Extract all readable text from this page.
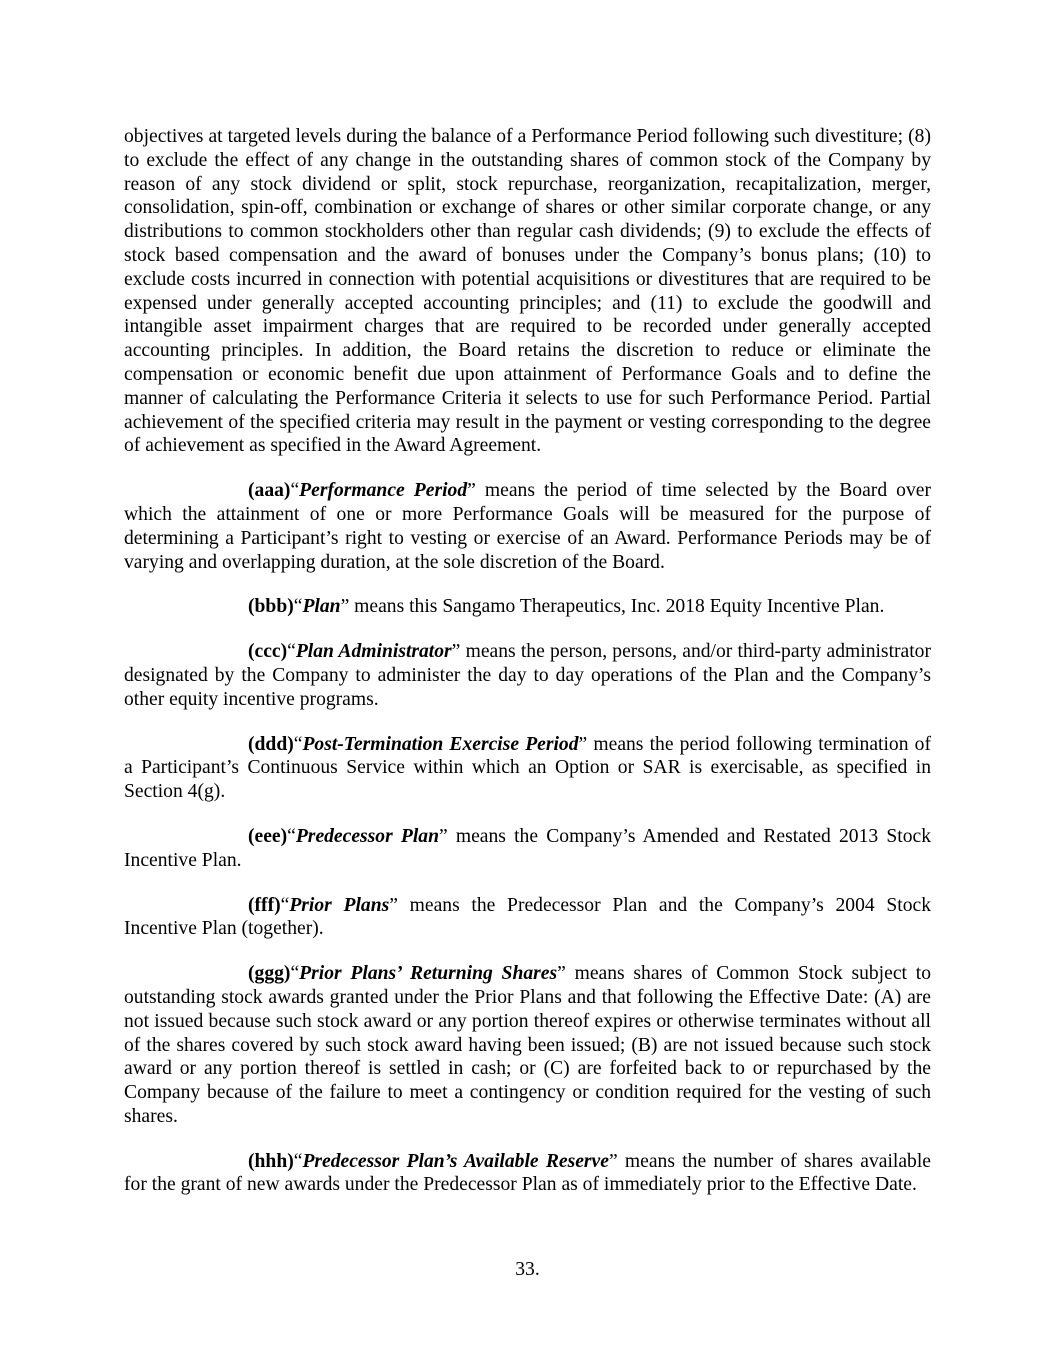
objectives at targeted levels during the balance of a Performance Period following such divestiture; (8) to exclude the effect of any change in the outstanding shares of common stock of the Company by reason of any stock dividend or split, stock repurchase, reorganization, recapitalization, merger, consolidation, spin-off, combination or exchange of shares or other similar corporate change, or any distributions to common stockholders other than regular cash dividends; (9) to exclude the effects of stock based compensation and the award of bonuses under the Company’s bonus plans; (10) to exclude costs incurred in connection with potential acquisitions or divestitures that are required to be expensed under generally accepted accounting principles; and (11) to exclude the goodwill and intangible asset impairment charges that are required to be recorded under generally accepted accounting principles. In addition, the Board retains the discretion to reduce or eliminate the compensation or economic benefit due upon attainment of Performance Goals and to define the manner of calculating the Performance Criteria it selects to use for such Performance Period. Partial achievement of the specified criteria may result in the payment or vesting corresponding to the degree of achievement as specified in the Award Agreement.

(aaa)“Performance Period” means the period of time selected by the Board over which the attainment of one or more Performance Goals will be measured for the purpose of determining a Participant’s right to vesting or exercise of an Award. Performance Periods may be of varying and overlapping duration, at the sole discretion of the Board.

(bbb)“Plan” means this Sangamo Therapeutics, Inc. 2018 Equity Incentive Plan.

(ccc)“Plan Administrator” means the person, persons, and/or third-party administrator designated by the Company to administer the day to day operations of the Plan and the Company’s other equity incentive programs.

(ddd)“Post-Termination Exercise Period” means the period following termination of a Participant’s Continuous Service within which an Option or SAR is exercisable, as specified in Section 4(g).

(eee)“Predecessor Plan” means the Company’s Amended and Restated 2013 Stock Incentive Plan.

(fff)“Prior Plans” means the Predecessor Plan and the Company’s 2004 Stock Incentive Plan (together).

(ggg)“Prior Plans’ Returning Shares” means shares of Common Stock subject to outstanding stock awards granted under the Prior Plans and that following the Effective Date: (A) are not issued because such stock award or any portion thereof expires or otherwise terminates without all of the shares covered by such stock award having been issued; (B) are not issued because such stock award or any portion thereof is settled in cash; or (C) are forfeited back to or repurchased by the Company because of the failure to meet a contingency or condition required for the vesting of such shares.

(hhh)“Predecessor Plan’s Available Reserve” means the number of shares available for the grant of new awards under the Predecessor Plan as of immediately prior to the Effective Date.

33.
